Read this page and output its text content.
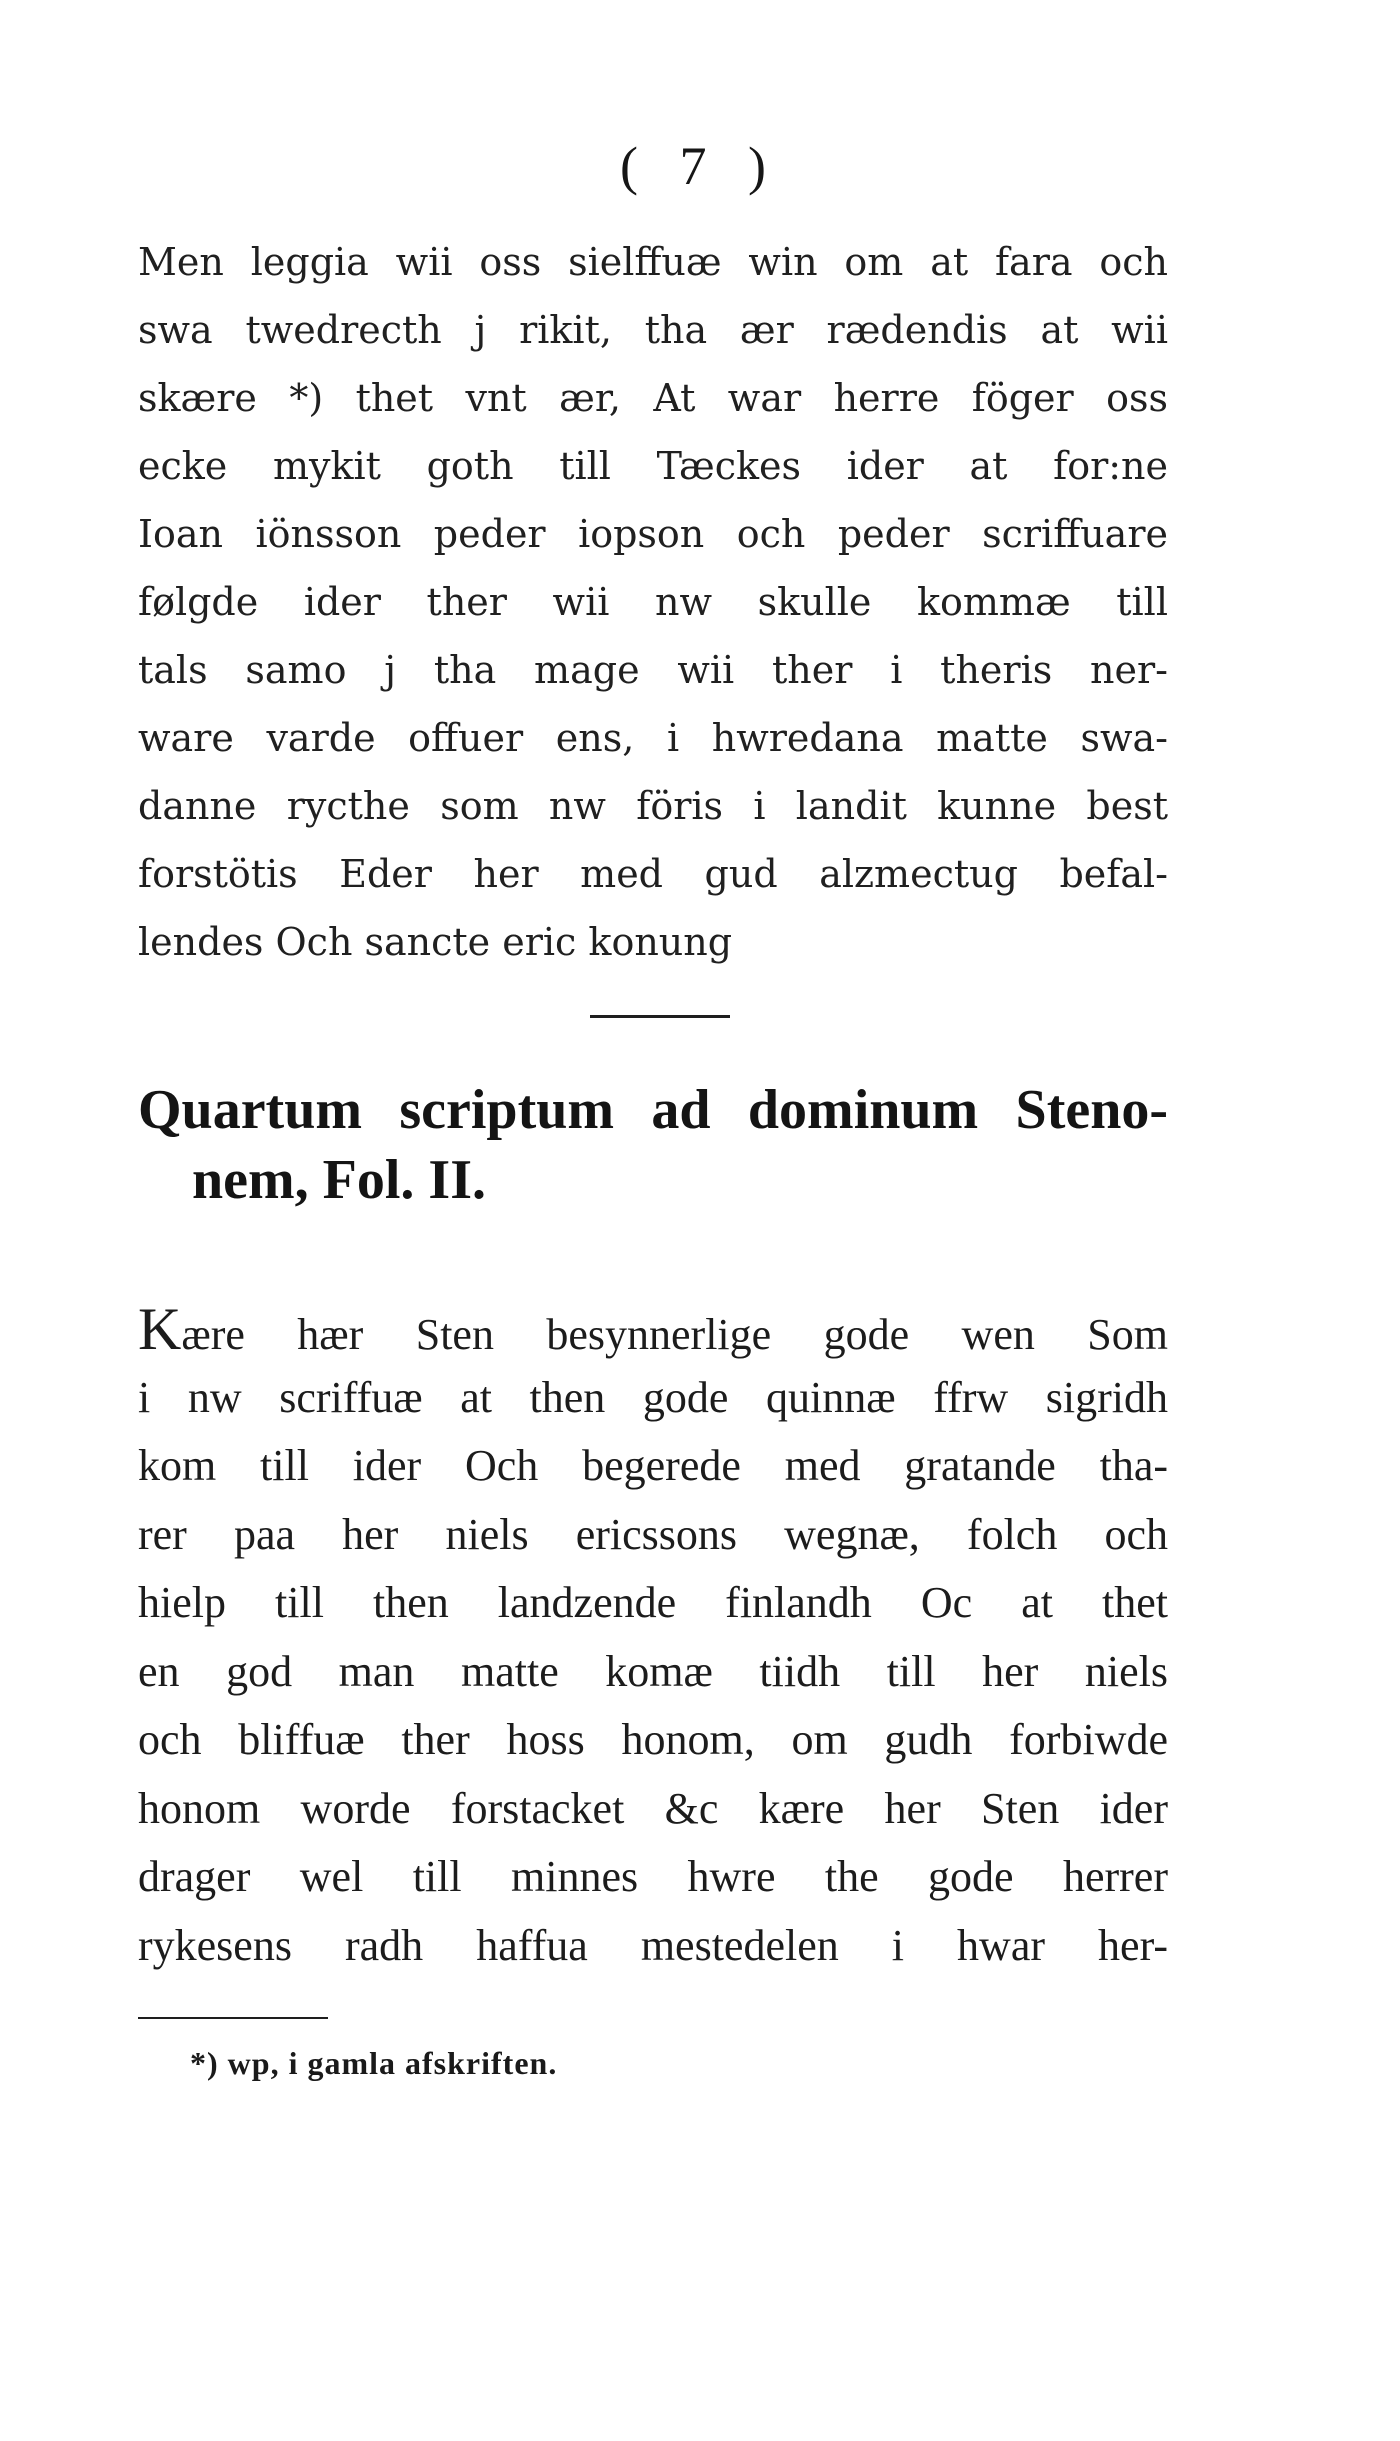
( 7 )
Men leggia wii oss sielffuæ win om at fara och
swa twedrecth j rikit, tha ær rædendis at wii
skære *) thet vnt ær, At war herre föger oss
ecke mykit goth till Tæckes ider at for:ne
Ioan iönsson peder iopson och peder scriffuare
følgde ider ther wii nw skulle kommæ till
tals samo j tha mage wii ther i theris ner-
ware varde offuer ens, i hwredana matte swa-
danne rycthe som nw föris i landit kunne best
forstötis Eder her med gud alzmectug befal-
lendes Och sancte eric konung
Quartum scriptum ad dominum Steno-
nem, Fol. II.
Kære hær Sten besynnerlige gode wen Som
i nw scriffuæ at then gode quinnæ ffrw sigridh
kom till ider Och begerede med gratande tha-
rer paa her niels ericssons wegnæ, folch och
hielp till then landzende finlandh Oc at thet
en god man matte komæ tiidh till her niels
och bliffuæ ther hoss honom, om gudh forbiwde
honom worde forstacket &c kære her Sten ider
drager wel till minnes hwre the gode herrer
rykesens radh haffua mestedelen i hwar her-
*) wp, i gamla afskriften.
